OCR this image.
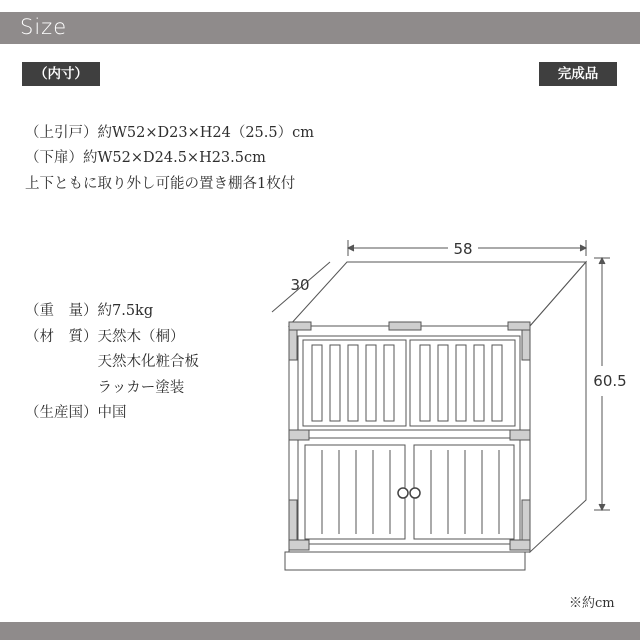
Size
（内寸）	完成品
（上引戸）約W52×D23×H24（25.5）cm
（下扉）約W52×D24.5×H23.5cm
上下ともに取り外し可能の置き棚各1枚付
（重　量）約7.5kg
（材　質）天然木（桐）
　　　　　天然木化粧合板
　　　　　ラッカー塗装
（生産国）中国
58
30
60.5
※約cm
